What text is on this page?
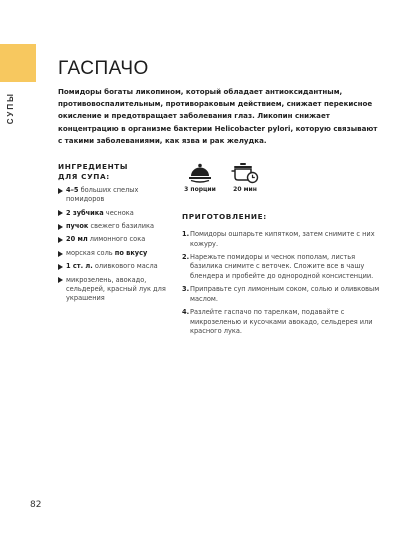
СУПЫ
ГАСПАЧО

Помидоры богаты ликопином, который обладает антиоксидантным, противовоспалительным, противораковым действием, снижает перекисное окисление и предотвращает заболевания глаз. Ликопин снижает концентрацию в организме бактерии Helicobacter pylori, которую связывают с такими заболеваниями, как язва и рак желудка.

ИНГРЕДИЕНТЫ
ДЛЯ СУПА:
4–5 больших спелых помидоров
2 зубчика чеснока
пучок свежего базилика
20 мл лимонного сока
морская соль по вкусу
1 ст. л. оливкового масла
микрозелень, авокадо, сельдерей, красный лук для украшения
3 порции	20 мин
ПРИГОТОВЛЕНИЕ:
1. Помидоры ошпарьте кипятком, затем снимите с них кожуру.
2. Нарежьте помидоры и чеснок пополам, листья базилика снимите с веточек. Сложите все в чашу блендера и пробейте до однородной консистенции.
3. Приправьте суп лимонным соком, солью и оливковым маслом.
4. Разлейте гаспачо по тарелкам, подавайте с микрозеленью и кусочками авокадо, сельдерея или красного лука.
82
